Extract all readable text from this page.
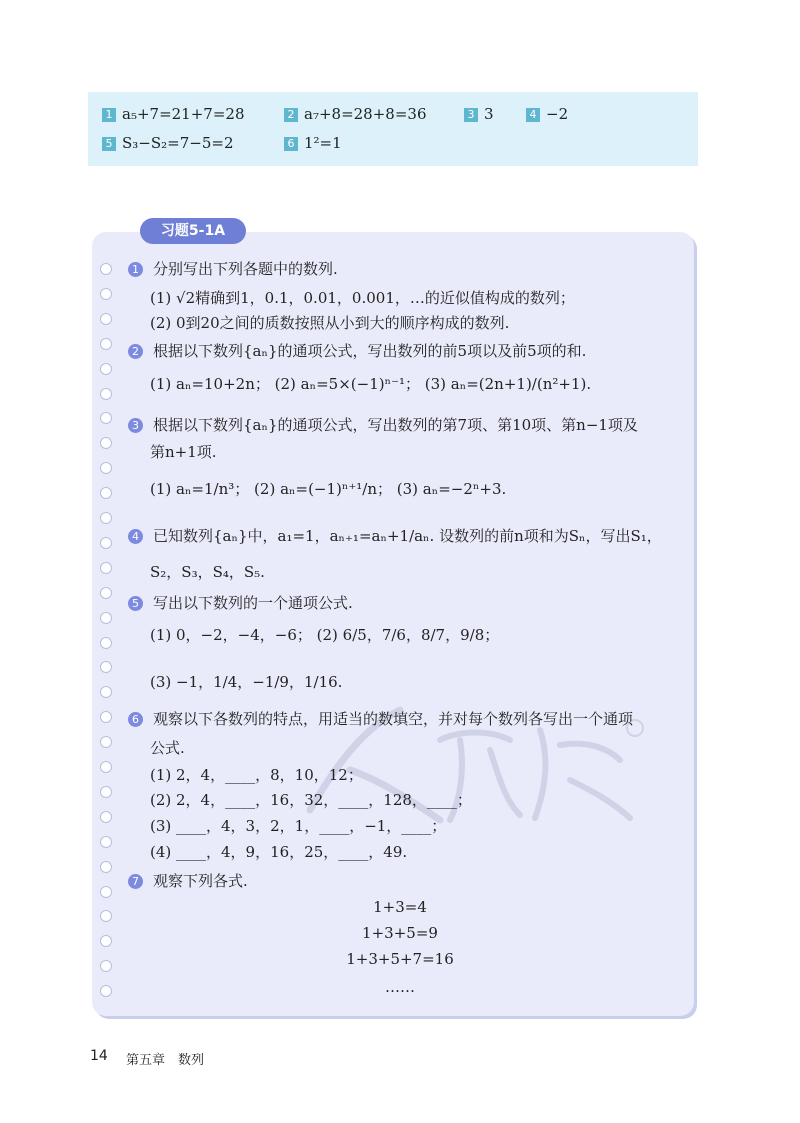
1 a₅+7=21+7=28	2 a₇+8=28+8=36	3 3	4 −2
5 S₃−S₂=7−5=2	6 1²=1
习题5-1A
1 分别写出下列各题中的数列.
(1) √2精确到1，0.1，0.01，0.001，…的近似值构成的数列；
(2) 0到20之间的质数按照从小到大的顺序构成的数列.
2 根据以下数列{aₙ}的通项公式，写出数列的前5项以及前5项的和.
(1) aₙ=10+2n； (2) aₙ=5×(−1)ⁿ⁻¹； (3) aₙ=(2n+1)/(n²+1).
3 根据以下数列{aₙ}的通项公式，写出数列的第7项、第10项、第n−1项及
第n+1项.
(1) aₙ=1/n³； (2) aₙ=(−1)ⁿ⁺¹/n； (3) aₙ=−2ⁿ+3.
4 已知数列{aₙ}中，a₁=1，aₙ₊₁=aₙ+1/aₙ. 设数列的前n项和为Sₙ，写出S₁，
S₂，S₃，S₄，S₅.
5 写出以下数列的一个通项公式.
(1) 0，−2，−4，−6； (2) 6/5，7/6，8/7，9/8；
(3) −1，1/4，−1/9，1/16.
6 观察以下各数列的特点，用适当的数填空，并对每个数列各写出一个通项
公式.
(1) 2，4，____，8，10，12；
(2) 2，4，____，16，32，____，128，____；
(3) ____，4，3，2，1，____，−1，____；
(4) ____，4，9，16，25，____，49.
7 观察下列各式.
1+3=4
1+3+5=9
1+3+5+7=16
……
14 第五章　数列
